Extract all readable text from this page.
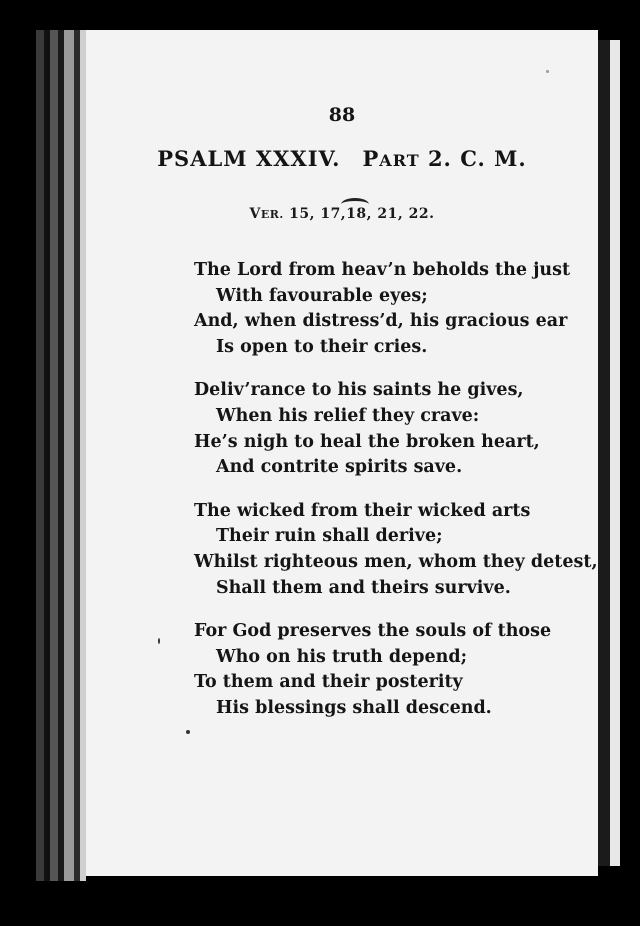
88
PSALM XXXIV. PART 2. C. M.
VER. 15, 17,18, 21, 22.
The Lord from heav’n beholds the just
With favourable eyes;
And, when distress’d, his gracious ear
Is open to their cries.
Deliv’rance to his saints he gives,
When his relief they crave:
He’s nigh to heal the broken heart,
And contrite spirits save.
The wicked from their wicked arts
Their ruin shall derive;
Whilst righteous men, whom they detest,
Shall them and theirs survive.
For God preserves the souls of those
Who on his truth depend;
To them and their posterity
His blessings shall descend.
